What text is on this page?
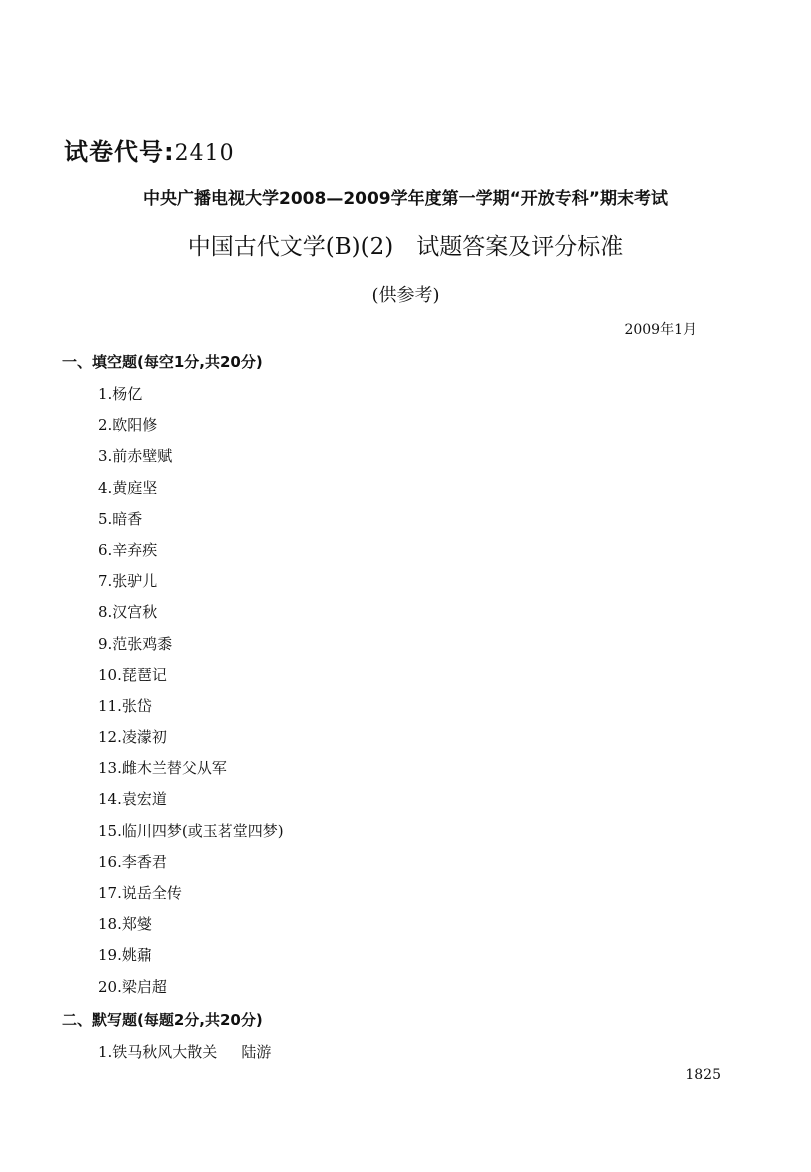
试卷代号:2410
中央广播电视大学2008—2009学年度第一学期“开放专科”期末考试
中国古代文学(B)(2)　试题答案及评分标准
(供参考)
2009年1月
一、填空题(每空1分,共20分)
1.杨亿
2.欧阳修
3.前赤壁赋
4.黄庭坚
5.暗香
6.辛弃疾
7.张驴儿
8.汉宫秋
9.范张鸡黍
10.琵琶记
11.张岱
12.凌濛初
13.雌木兰替父从军
14.袁宏道
15.临川四梦(或玉茗堂四梦)
16.李香君
17.说岳全传
18.郑燮
19.姚鼐
20.梁启超
二、默写题(每题2分,共20分)
1.铁马秋风大散关 陆游
1825
